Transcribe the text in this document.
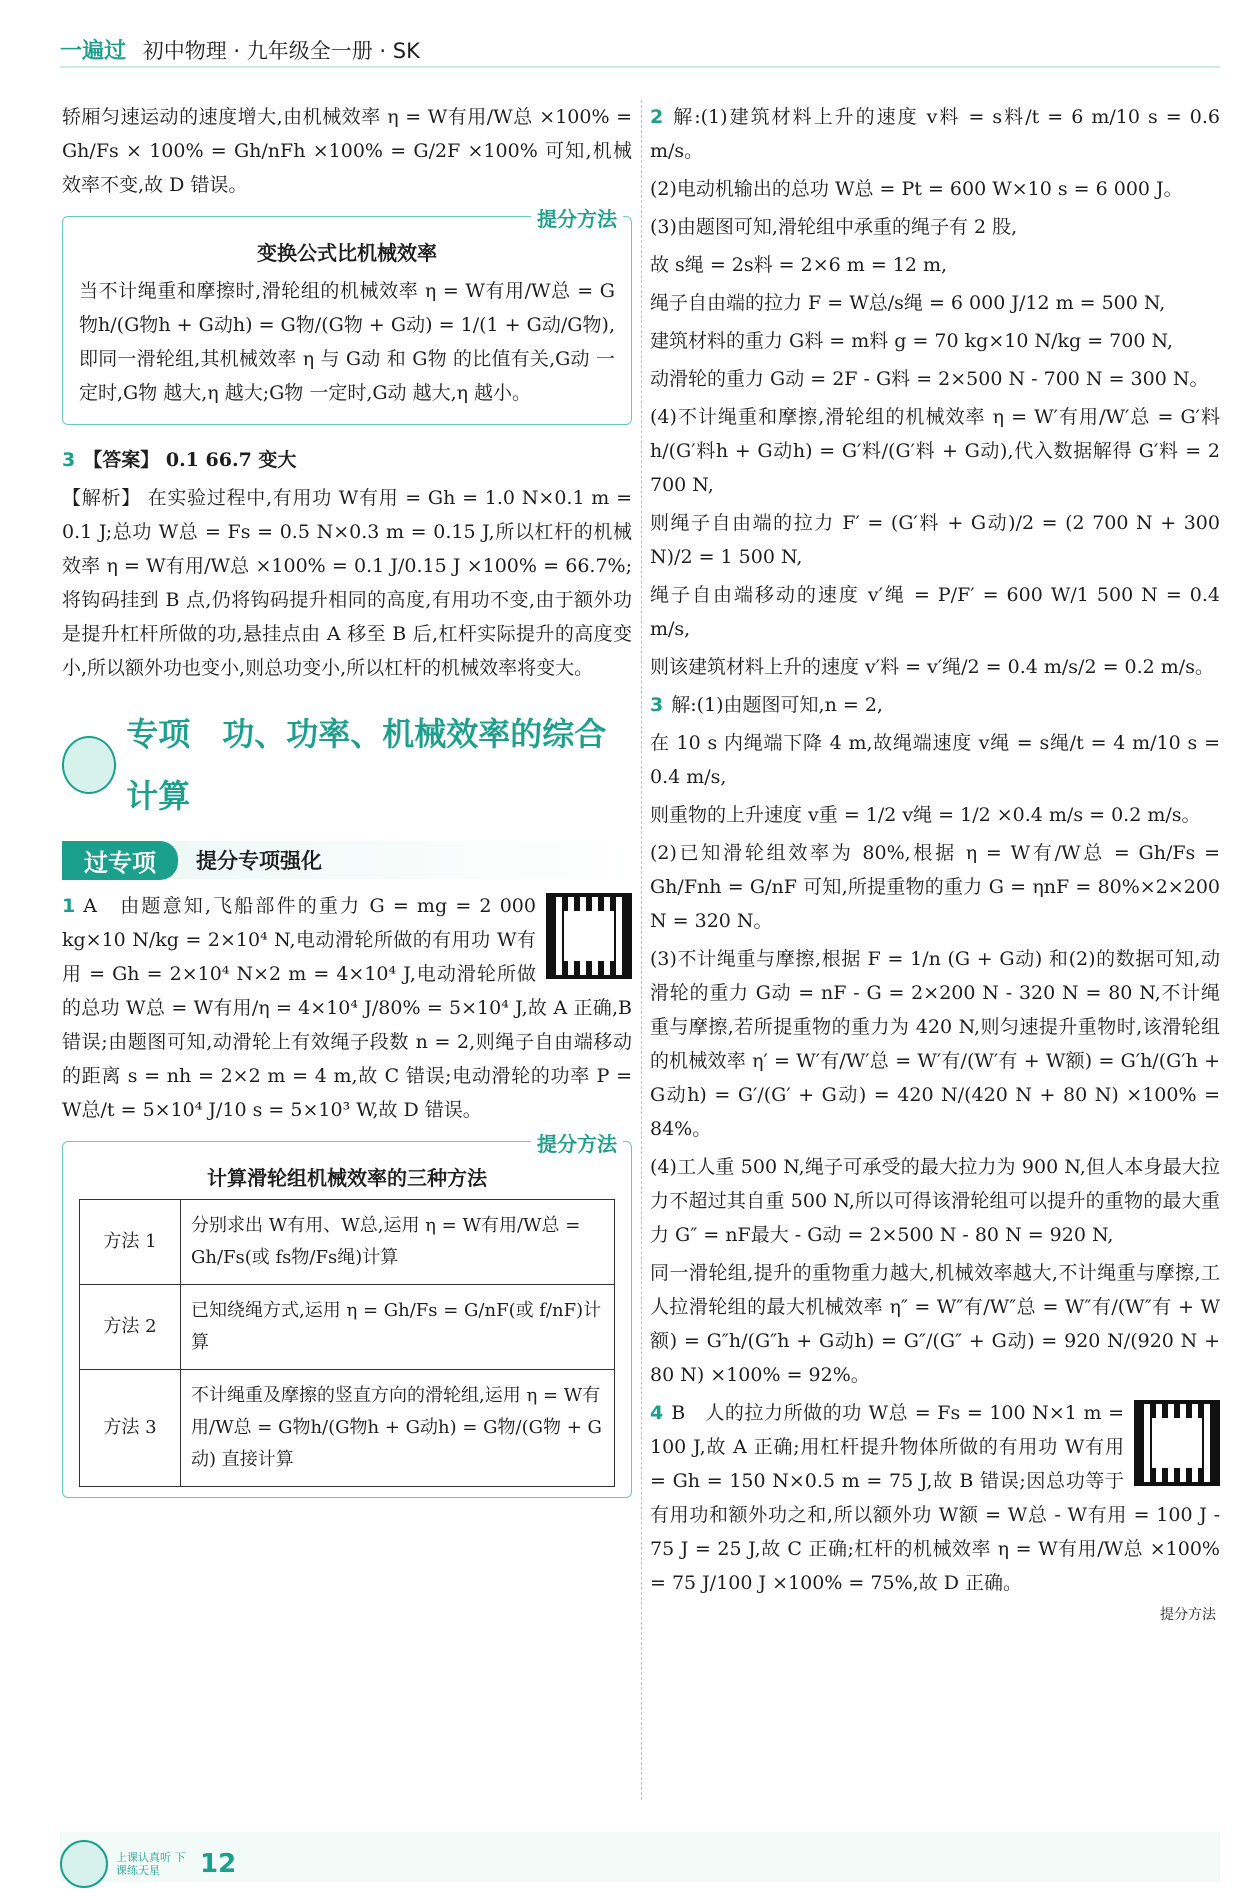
一遍过 初中物理 · 九年级全一册 · SK

轿厢匀速运动的速度增大,由机械效率 η = W有用/W总 ×100% = Gh/Fs × 100% = Gh/nFh ×100% = G/2F ×100% 可知,机械效率不变,故 D 错误。

提分方法
变换公式比机械效率

当不计绳重和摩擦时,滑轮组的机械效率 η = W有用/W总 = G物h/(G物h + G动h) = G物/(G物 + G动) = 1/(1 + G动/G物),即同一滑轮组,其机械效率 η 与 G动 和 G物 的比值有关,G动 一定时,G物 越大,η 越大;G物 一定时,G动 越大,η 越小。

3 【答案】 0.1 66.7 变大

【解析】 在实验过程中,有用功 W有用 = Gh = 1.0 N×0.1 m = 0.1 J;总功 W总 = Fs = 0.5 N×0.3 m = 0.15 J,所以杠杆的机械效率 η = W有用/W总 ×100% = 0.1 J/0.15 J ×100% = 66.7%;将钩码挂到 B 点,仍将钩码提升相同的高度,有用功不变,由于额外功是提升杠杆所做的功,悬挂点由 A 移至 B 后,杠杆实际提升的高度变小,所以额外功也变小,则总功变小,所以杠杆的机械效率将变大。

专项　功、功率、机械效率的综合计算
过专项	提分专项强化

1 A　由题意知,飞船部件的重力 G = mg = 2 000 kg×10 N/kg = 2×10⁴ N,电动滑轮所做的有用功 W有用 = Gh = 2×10⁴ N×2 m = 4×10⁴ J,电动滑轮所做的总功 W总 = W有用/η = 4×10⁴ J/80% = 5×10⁴ J,故 A 正确,B 错误;由题图可知,动滑轮上有效绳子段数 n = 2,则绳子自由端移动的距离 s = nh = 2×2 m = 4 m,故 C 错误;电动滑轮的功率 P = W总/t = 5×10⁴ J/10 s = 5×10³ W,故 D 错误。

提分方法
计算滑轮组机械效率的三种方法
方法 1	分别求出 W有用、W总,运用 η = W有用/W总 = Gh/Fs(或 fs物/Fs绳)计算
方法 2	已知绕绳方式,运用 η = Gh/Fs = G/nF(或 f/nF)计算
方法 3	不计绳重及摩擦的竖直方向的滑轮组,运用 η = W有用/W总 = G物h/(G物h + G动h) = G物/(G物 + G动) 直接计算

2 解:(1)建筑材料上升的速度 v料 = s料/t = 6 m/10 s = 0.6 m/s。

(2)电动机输出的总功 W总 = Pt = 600 W×10 s = 6 000 J。

(3)由题图可知,滑轮组中承重的绳子有 2 股,

故 s绳 = 2s料 = 2×6 m = 12 m,

绳子自由端的拉力 F = W总/s绳 = 6 000 J/12 m = 500 N,

建筑材料的重力 G料 = m料 g = 70 kg×10 N/kg = 700 N,

动滑轮的重力 G动 = 2F - G料 = 2×500 N - 700 N = 300 N。

(4)不计绳重和摩擦,滑轮组的机械效率 η = W′有用/W′总 = G′料h/(G′料h + G动h) = G′料/(G′料 + G动),代入数据解得 G′料 = 2 700 N,

则绳子自由端的拉力 F′ = (G′料 + G动)/2 = (2 700 N + 300 N)/2 = 1 500 N,

绳子自由端移动的速度 v′绳 = P/F′ = 600 W/1 500 N = 0.4 m/s,

则该建筑材料上升的速度 v′料 = v′绳/2 = 0.4 m/s/2 = 0.2 m/s。

3 解:(1)由题图可知,n = 2,

在 10 s 内绳端下降 4 m,故绳端速度 v绳 = s绳/t = 4 m/10 s = 0.4 m/s,

则重物的上升速度 v重 = 1/2 v绳 = 1/2 ×0.4 m/s = 0.2 m/s。

(2)已知滑轮组效率为 80%,根据 η = W有/W总 = Gh/Fs = Gh/Fnh = G/nF 可知,所提重物的重力 G = ηnF = 80%×2×200 N = 320 N。

(3)不计绳重与摩擦,根据 F = 1/n (G + G动) 和(2)的数据可知,动滑轮的重力 G动 = nF - G = 2×200 N - 320 N = 80 N,不计绳重与摩擦,若所提重物的重力为 420 N,则匀速提升重物时,该滑轮组的机械效率 η′ = W′有/W′总 = W′有/(W′有 + W额) = G′h/(G′h + G动h) = G′/(G′ + G动) = 420 N/(420 N + 80 N) ×100% = 84%。

(4)工人重 500 N,绳子可承受的最大拉力为 900 N,但人本身最大拉力不超过其自重 500 N,所以可得该滑轮组可以提升的重物的最大重力 G″ = nF最大 - G动 = 2×500 N - 80 N = 920 N,

同一滑轮组,提升的重物重力越大,机械效率越大,不计绳重与摩擦,工人拉滑轮组的最大机械效率 η″ = W″有/W″总 = W″有/(W″有 + W额) = G″h/(G″h + G动h) = G″/(G″ + G动) = 920 N/(920 N + 80 N) ×100% = 92%。

4 B　人的拉力所做的功 W总 = Fs = 100 N×1 m = 100 J,故 A 正确;用杠杆提升物体所做的有用功 W有用 = Gh = 150 N×0.5 m = 75 J,故 B 错误;因总功等于有用功和额外功之和,所以额外功 W额 = W总 - W有用 = 100 J - 75 J = 25 J,故 C 正确;杠杆的机械效率 η = W有用/W总 ×100% = 75 J/100 J ×100% = 75%,故 D 正确。

提分方法
上课认真听 下课练天星	12
